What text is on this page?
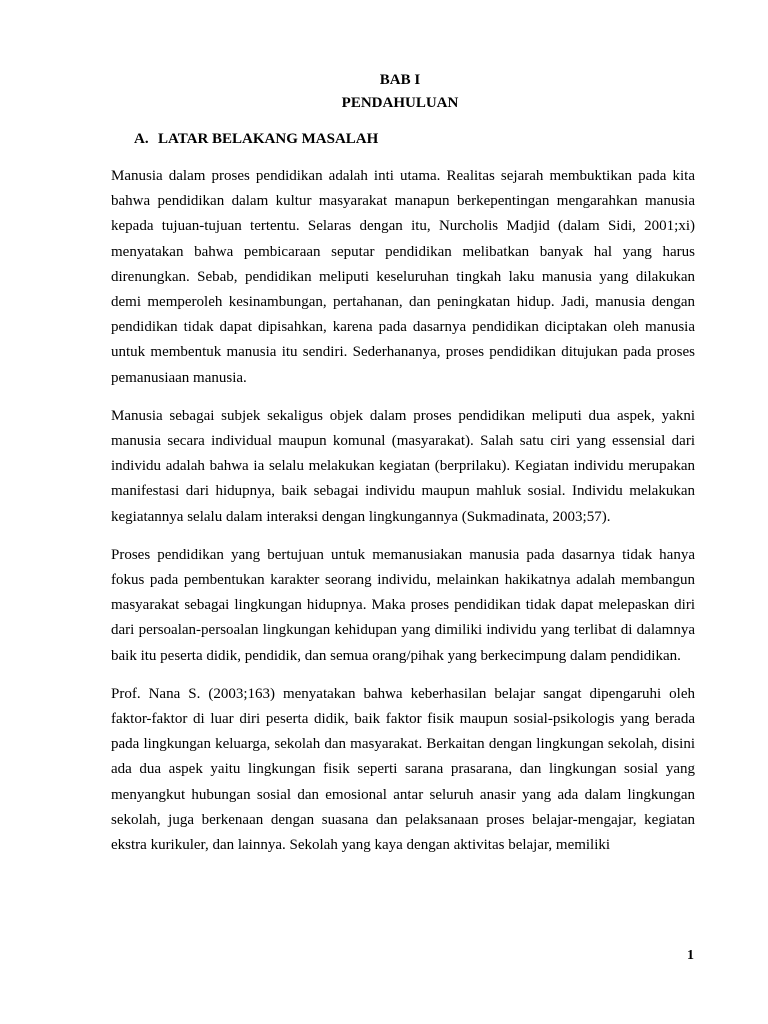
BAB I
PENDAHULUAN
A. LATAR BELAKANG MASALAH

Manusia dalam proses pendidikan adalah inti utama. Realitas sejarah membuktikan pada kita bahwa pendidikan dalam kultur masyarakat manapun berkepentingan mengarahkan manusia kepada tujuan-tujuan tertentu. Selaras dengan itu, Nurcholis Madjid (dalam Sidi, 2001;xi) menyatakan bahwa pembicaraan seputar pendidikan melibatkan banyak hal yang harus direnungkan. Sebab, pendidikan meliputi keseluruhan tingkah laku manusia yang dilakukan demi memperoleh kesinambungan, pertahanan, dan peningkatan hidup. Jadi, manusia dengan pendidikan tidak dapat dipisahkan, karena pada dasarnya pendidikan diciptakan oleh manusia untuk membentuk manusia itu sendiri. Sederhananya, proses pendidikan ditujukan pada proses pemanusiaan manusia.

Manusia sebagai subjek sekaligus objek dalam proses pendidikan meliputi dua aspek, yakni manusia secara individual maupun komunal (masyarakat). Salah satu ciri yang essensial dari individu adalah bahwa ia selalu melakukan kegiatan (berprilaku). Kegiatan individu merupakan manifestasi dari hidupnya, baik sebagai individu maupun mahluk sosial. Individu melakukan kegiatannya selalu dalam interaksi dengan lingkungannya (Sukmadinata, 2003;57).

Proses pendidikan yang bertujuan untuk memanusiakan manusia pada dasarnya tidak hanya fokus pada pembentukan karakter seorang individu, melainkan hakikatnya adalah membangun masyarakat sebagai lingkungan hidupnya. Maka proses pendidikan tidak dapat melepaskan diri dari persoalan-persoalan lingkungan kehidupan yang dimiliki individu yang terlibat di dalamnya baik itu peserta didik, pendidik, dan semua orang/pihak yang berkecimpung dalam pendidikan.

Prof. Nana S. (2003;163) menyatakan bahwa keberhasilan belajar sangat dipengaruhi oleh faktor-faktor di luar diri peserta didik, baik faktor fisik maupun sosial-psikologis yang berada pada lingkungan keluarga, sekolah dan masyarakat. Berkaitan dengan lingkungan sekolah, disini ada dua aspek yaitu lingkungan fisik seperti sarana prasarana, dan lingkungan sosial yang menyangkut hubungan sosial dan emosional antar seluruh anasir yang ada dalam lingkungan sekolah, juga berkenaan dengan suasana dan pelaksanaan proses belajar-mengajar, kegiatan ekstra kurikuler, dan lainnya. Sekolah yang kaya dengan aktivitas belajar, memiliki

1
